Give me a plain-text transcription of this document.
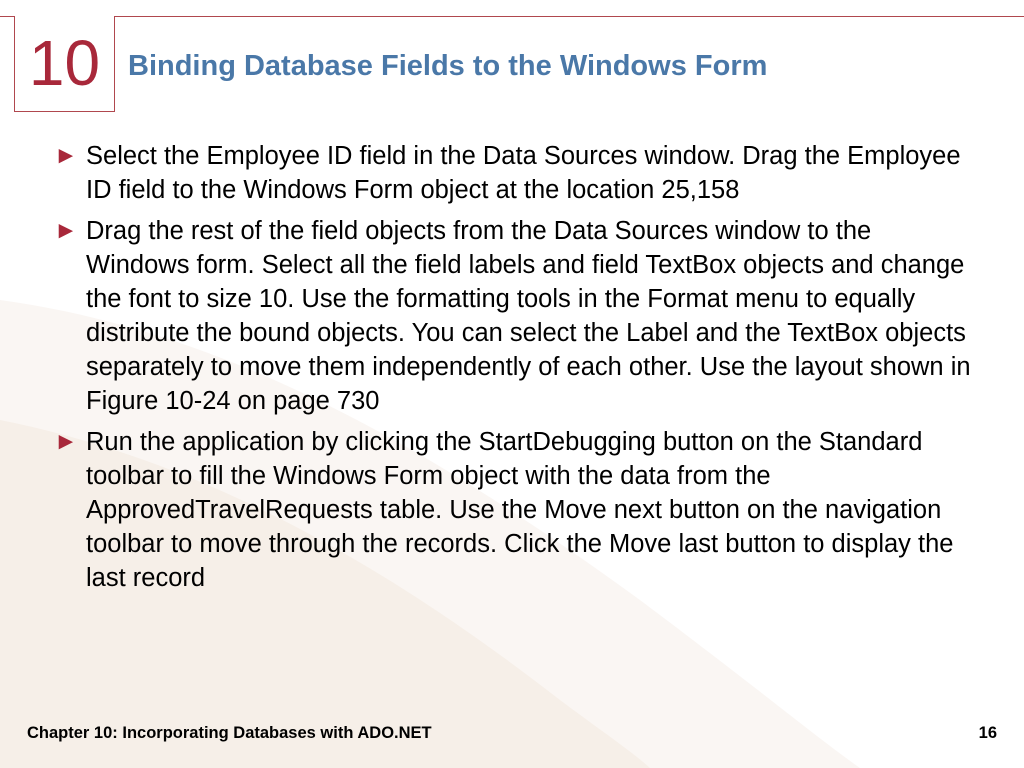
10 Binding Database Fields to the Windows Form
► Select the Employee ID field in the Data Sources window. Drag the Employee ID field to the Windows Form object at the location 25,158
► Drag the rest of the field objects from the Data Sources window to the Windows form. Select all the field labels and field TextBox objects and change the font to size 10. Use the formatting tools in the Format menu to equally distribute the bound objects. You can select the Label and the TextBox objects separately to move them independently of each other. Use the layout shown in Figure 10-24 on page 730
► Run the application by clicking the StartDebugging button on the Standard toolbar to fill the Windows Form object with the data from the ApprovedTravelRequests table. Use the Move next button on the navigation toolbar to move through the records. Click the Move last button to display the last record
Chapter 10: Incorporating Databases with ADO.NET	16
